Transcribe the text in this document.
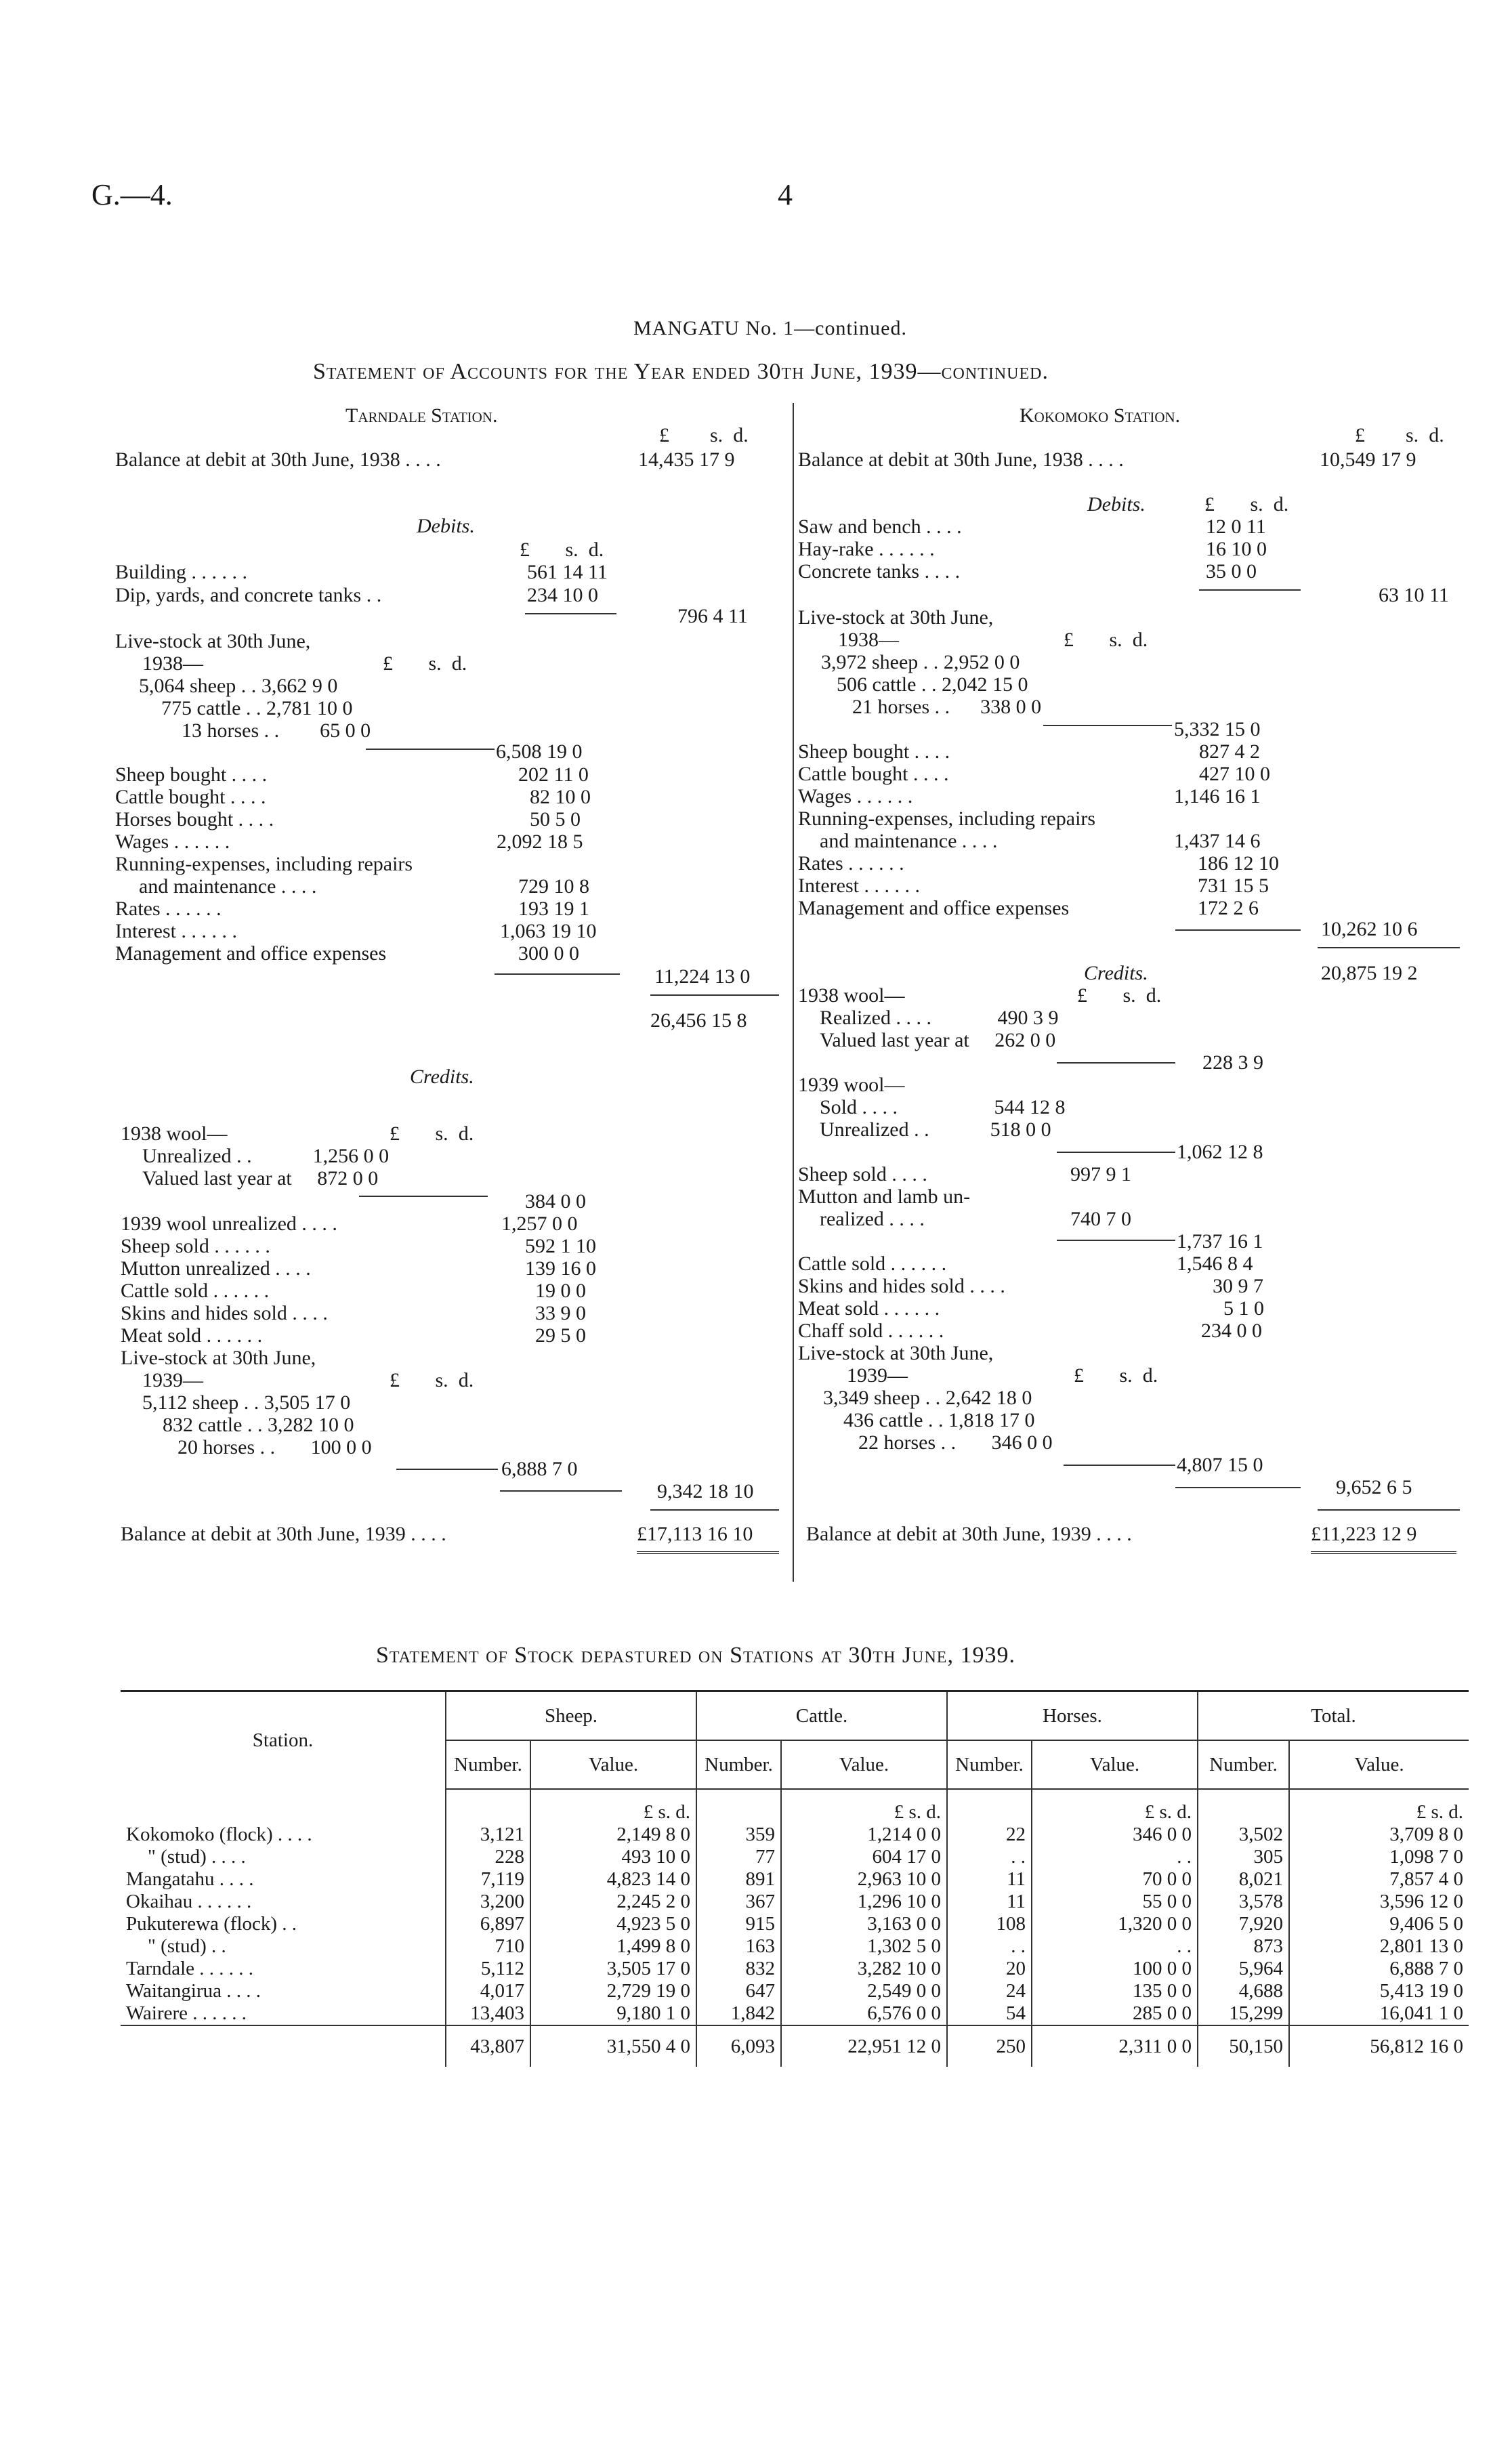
G.—4.	4
MANGATU No. 1—continued.
Statement of Accounts for the Year ended 30th June, 1939—continued.
Tarndale Station.
£ s. d.
Balance at debit at 30th June, 1938 . . . .	14,435 17 9
Debits.
£ s. d.
Building . . . . . .	561 14 11
Dip, yards, and concrete tanks . .	234 10 0
796 4 11
Live-stock at 30th June,
1938—	£ s. d.
5,064 sheep . . 3,662 9 0
775 cattle . . 2,781 10 0
13 horses . . 65 0 0
6,508 19 0
Sheep bought . . . .	202 11 0
Cattle bought . . . .	82 10 0
Horses bought . . . .	50 5 0
Wages . . . . . .	2,092 18 5
Running-expenses, including repairs
and maintenance . . . .	729 10 8
Rates . . . . . .	193 19 1
Interest . . . . . .	1,063 19 10
Management and office expenses	300 0 0
11,224 13 0
26,456 15 8
Credits.
1938 wool—	£ s. d.
Unrealized . .	1,256 0 0
Valued last year at 872 0 0
384 0 0
1939 wool unrealized . . . .	1,257 0 0
Sheep sold . . . . . .	592 1 10
Mutton unrealized . . . .	139 16 0
Cattle sold . . . . . .	19 0 0
Skins and hides sold . . . .	33 9 0
Meat sold . . . . . .	29 5 0
Live-stock at 30th June,
1939—	£ s. d.
5,112 sheep . . 3,505 17 0
832 cattle . . 3,282 10 0
20 horses . . 100 0 0
6,888 7 0
9,342 18 10
Balance at debit at 30th June, 1939 . . . .	£17,113 16 10
Kokomoko Station.
£ s. d.
Balance at debit at 30th June, 1938 . . . .	10,549 17 9
Debits.	£ s. d.
Saw and bench . . . .	12 0 11
Hay-rake . . . . . .	16 10 0
Concrete tanks . . . .	35 0 0
63 10 11
Live-stock at 30th June,
1938—	£ s. d.
3,972 sheep . . 2,952 0 0
506 cattle . . 2,042 15 0
21 horses . . 338 0 0
5,332 15 0
Sheep bought . . . .	827 4 2
Cattle bought . . . .	427 10 0
Wages . . . . . .	1,146 16 1
Running-expenses, including repairs
and maintenance . . . .	1,437 14 6
Rates . . . . . .	186 12 10
Interest . . . . . .	731 15 5
Management and office expenses	172 2 6
10,262 10 6
20,875 19 2
Credits.
1938 wool—	£ s. d.
Realized . . . .	490 3 9
Valued last year at 262 0 0
228 3 9
1939 wool—
Sold . . . .	544 12 8
Unrealized . .	518 0 0
1,062 12 8
Sheep sold . . . .	997 9 1
Mutton and lamb un-
realized . . . .	740 7 0
1,737 16 1
Cattle sold . . . . . .	1,546 8 4
Skins and hides sold . . . .	30 9 7
Meat sold . . . . . .	5 1 0
Chaff sold . . . . . .	234 0 0
Live-stock at 30th June,
1939—	£ s. d.
3,349 sheep . . 2,642 18 0
436 cattle . . 1,818 17 0
22 horses . . 346 0 0
4,807 15 0
9,652 6 5
Balance at debit at 30th June, 1939 . . . .	£11,223 12 9
Statement of Stock depastured on Stations at 30th June, 1939.
Station.	Sheep.		Cattle.		Horses.		Total.	
	Number.	Value.	Number.	Value.	Number.	Value.	Number.	Value.
		£ s. d.		£ s. d.		£ s. d.		£ s. d.
Kokomoko (flock) . . . .	3,121	2,149 8 0	359	1,214 0 0	22	346 0 0	3,502	3,709 8 0
" (stud) . . . .	228	493 10 0	77	604 17 0	. .	. .	305	1,098 7 0
Mangatahu . . . .	7,119	4,823 14 0	891	2,963 10 0	11	70 0 0	8,021	7,857 4 0
Okaihau . . . . . .	3,200	2,245 2 0	367	1,296 10 0	11	55 0 0	3,578	3,596 12 0
Pukuterewa (flock) . .	6,897	4,923 5 0	915	3,163 0 0	108	1,320 0 0	7,920	9,406 5 0
" (stud) . .	710	1,499 8 0	163	1,302 5 0	. .	. .	873	2,801 13 0
Tarndale . . . . . .	5,112	3,505 17 0	832	3,282 10 0	20	100 0 0	5,964	6,888 7 0
Waitangirua . . . .	4,017	2,729 19 0	647	2,549 0 0	24	135 0 0	4,688	5,413 19 0
Wairere . . . . . .	13,403	9,180 1 0	1,842	6,576 0 0	54	285 0 0	15,299	16,041 1 0
	43,807	31,550 4 0	6,093	22,951 12 0	250	2,311 0 0	50,150	56,812 16 0
